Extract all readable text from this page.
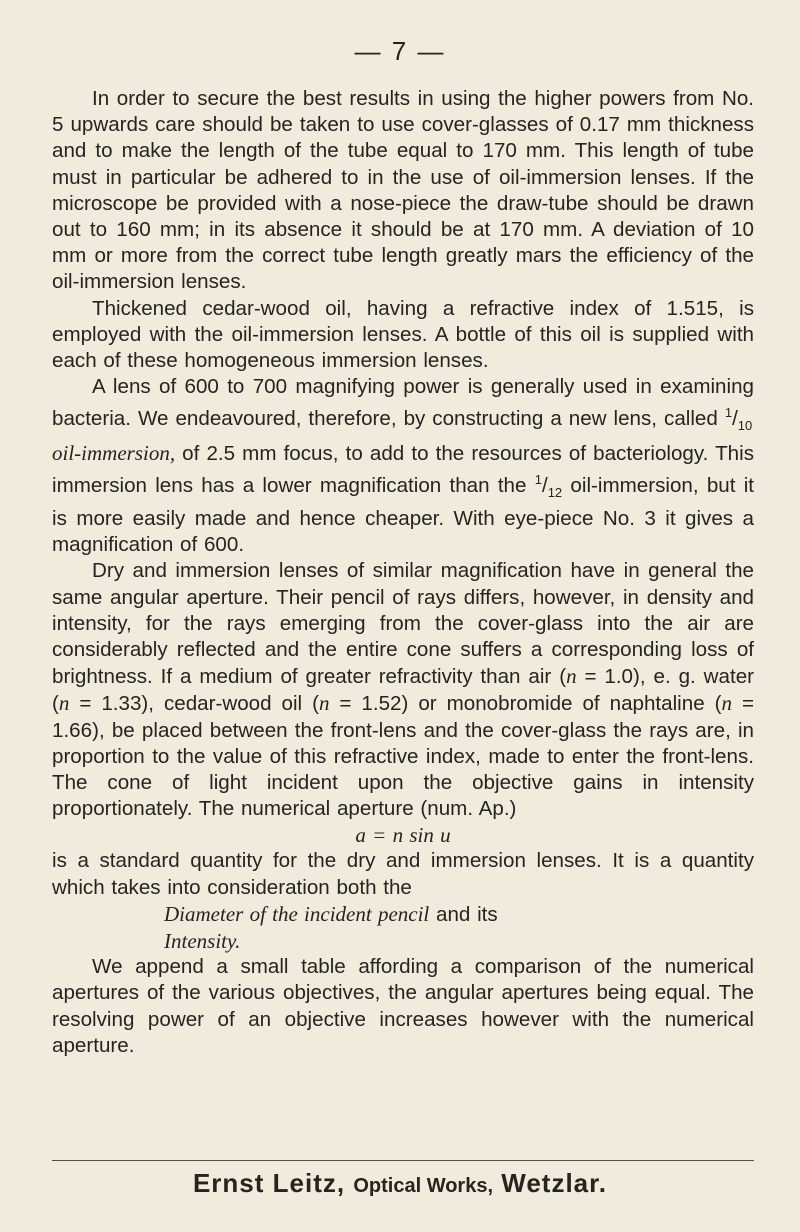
— 7 —

In order to secure the best results in using the higher powers from No. 5 upwards care should be taken to use cover-glasses of 0.17 mm thickness and to make the length of the tube equal to 170 mm. This length of tube must in particular be adhered to in the use of oil-immersion lenses. If the microscope be provided with a nose-piece the draw-tube should be drawn out to 160 mm; in its absence it should be at 170 mm. A deviation of 10 mm or more from the correct tube length greatly mars the efficiency of the oil-immersion lenses.

Thickened cedar-wood oil, having a refractive index of 1.515, is employed with the oil-immersion lenses. A bottle of this oil is supplied with each of these homogeneous immersion lenses.

A lens of 600 to 700 magnifying power is generally used in examining bacteria. We endeavoured, therefore, by constructing a new lens, called $^1/_{10}$ oil-immersion, of 2.5 mm focus, to add to the resources of bacteriology. This immersion lens has a lower magnification than the $^1/_{12}$ oil-immersion, but it is more easily made and hence cheaper. With eye-piece No. 3 it gives a magnification of 600.

Dry and immersion lenses of similar magnification have in general the same angular aperture. Their pencil of rays differs, however, in density and intensity, for the rays emerging from the cover-glass into the air are considerably reflected and the entire cone suffers a corresponding loss of brightness. If a medium of greater refractivity than air (n = 1.0), e. g. water (n = 1.33), cedar-wood oil (n = 1.52) or monobromide of naphtaline (n = 1.66), be placed between the front-lens and the cover-glass the rays are, in proportion to the value of this refractive index, made to enter the front-lens. The cone of light incident upon the objective gains in intensity proportionately. The numerical aperture (num. Ap.)

a = n sin u

is a standard quantity for the dry and immersion lenses. It is a quantity which takes into consideration both the

Diameter of the incident pencil and its
Intensity.

We append a small table affording a comparison of the numerical apertures of the various objectives, the angular apertures being equal. The resolving power of an objective increases however with the numerical aperture.

Ernst Leitz, Optical Works, Wetzlar.
